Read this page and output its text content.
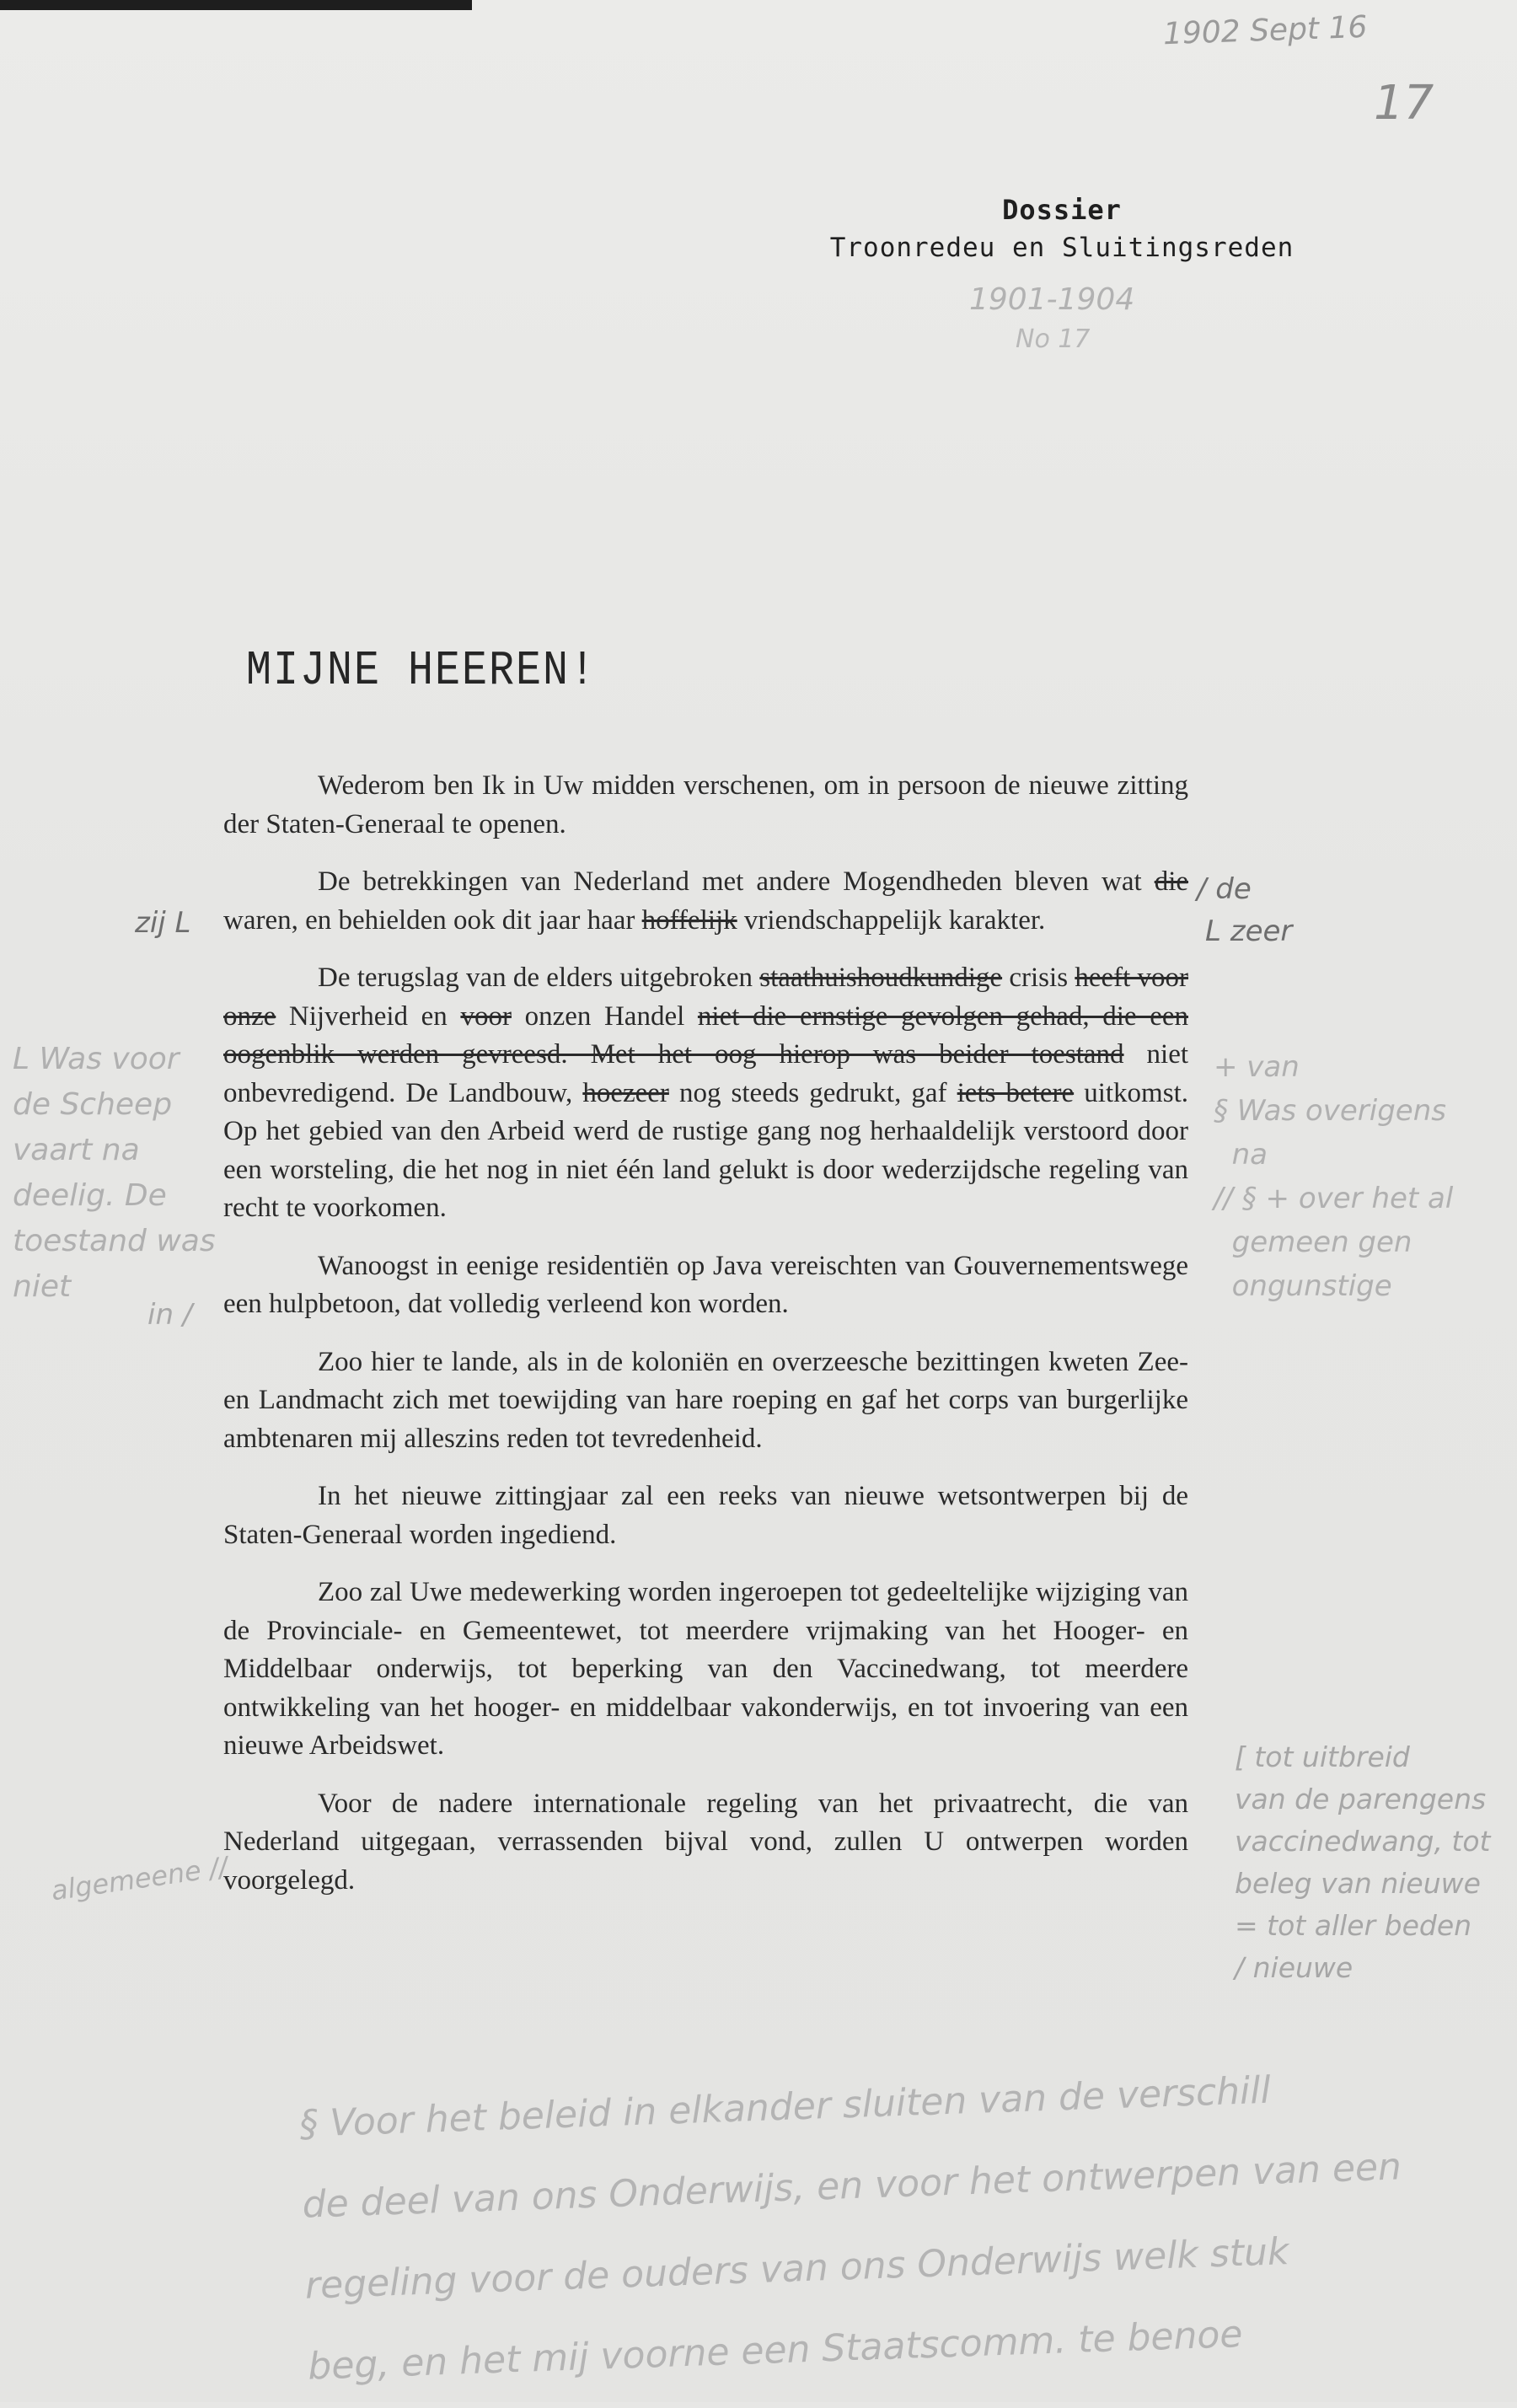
1902 Sept 16
17
Dossier
Troonredeu en Sluitingsreden
1901-1904
No 17
MIJNE HEEREN!

Wederom ben Ik in Uw midden verschenen, om in persoon de nieuwe zitting der Staten-Generaal te openen.

De betrekkingen van Nederland met andere Mogendheden bleven wat die waren, en behielden ook dit jaar haar hoffelijk vriendschappelijk karakter.

De terugslag van de elders uitgebroken staathuishoudkundige crisis heeft voor onze Nijverheid en voor onzen Handel niet die ernstige gevolgen gehad, die een oogenblik werden gevreesd. Met het oog hierop was beider toestand niet onbevredigend. De Landbouw, hoezeer nog steeds gedrukt, gaf iets betere uitkomst. Op het gebied van den Arbeid werd de rustige gang nog herhaaldelijk verstoord door een worsteling, die het nog in niet één land gelukt is door wederzijdsche regeling van recht te voorkomen.

Wanoogst in eenige residentiën op Java vereischten van Gouvernementswege een hulpbetoon, dat volledig verleend kon worden.

Zoo hier te lande, als in de koloniën en overzeesche bezittingen kweten Zee- en Landmacht zich met toewijding van hare roeping en gaf het corps van burgerlijke ambtenaren mij alleszins reden tot tevredenheid.

In het nieuwe zittingjaar zal een reeks van nieuwe wetsontwerpen bij de Staten-Generaal worden ingediend.

Zoo zal Uwe medewerking worden ingeroepen tot gedeeltelijke wijziging van de Provinciale- en Gemeentewet, tot meerdere vrijmaking van het Hooger- en Middelbaar onderwijs, tot beperking van den Vaccinedwang, tot meerdere ontwikkeling van het hooger- en middelbaar vakonderwijs, en tot invoering van een nieuwe Arbeidswet.

Voor de nadere internationale regeling van het privaatrecht, die van Nederland uitgegaan, verrassenden bijval vond, zullen U ontwerpen worden voorgelegd.

zij L
L Was voor
de Scheep
vaart na
deelig. De
toestand was
niet
in /
algemeene //
/ de
L zeer
+ van
§ Was overigens
na
// § + over het al
gemeen gen
ongunstige
[ tot uitbreid
van de parengens
vaccinedwang, tot
beleg van nieuwe
= tot aller beden
/ nieuwe
§ Voor het beleid in elkander sluiten van de verschill
de deel van ons Onderwijs, en voor het ontwerpen van een
regeling voor de ouders van ons Onderwijs welk stuk
beg, en het mij voorne een Staatscomm. te benoe
